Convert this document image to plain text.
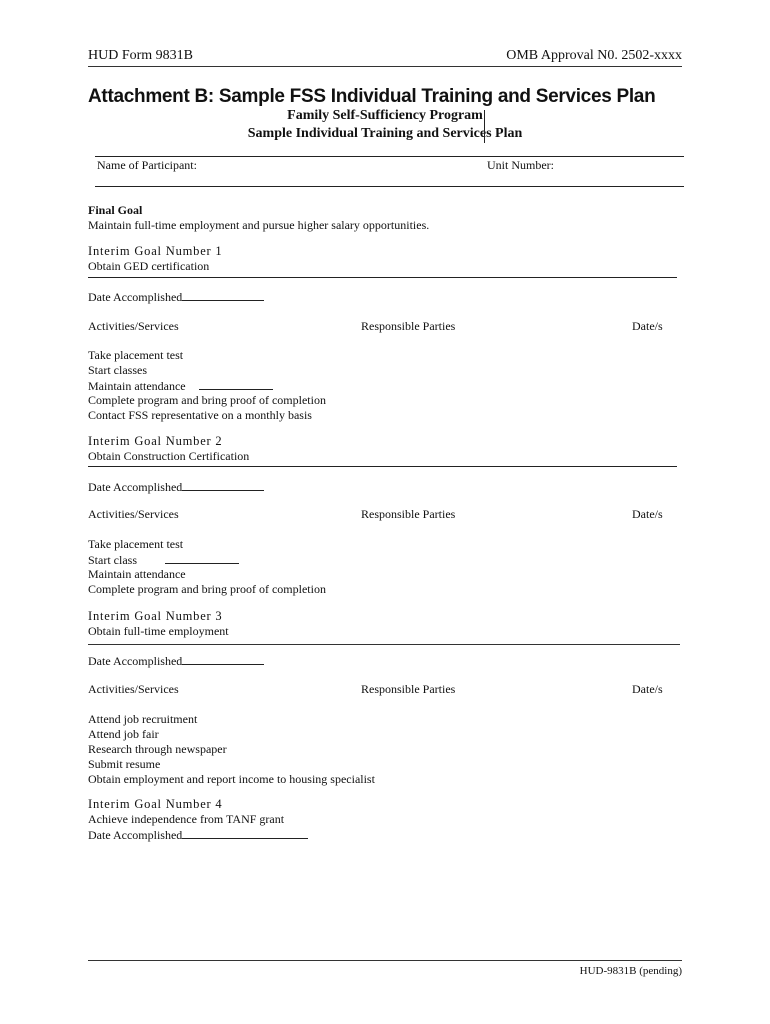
HUD Form 9831B	OMB Approval N0. 2502-xxxx
Attachment B: Sample FSS Individual Training and Services Plan
Family Self-Sufficiency Program
Sample Individual Training and Services Plan
Name of Participant:	Unit Number:
Final Goal
Maintain full-time employment and pursue higher salary opportunities.
Interim Goal Number 1
Obtain GED certification
Date Accomplished
Activities/Services	Responsible Parties	Date/s
Take placement test
Start classes
Maintain attendance
Complete program and bring proof of completion
Contact FSS representative on a monthly basis
Interim Goal Number 2
Obtain Construction Certification
Date Accomplished
Activities/Services	Responsible Parties	Date/s
Take placement test
Start class
Maintain attendance
Complete program and bring proof of completion
Interim Goal Number 3
Obtain full-time employment
Date Accomplished
Activities/Services	Responsible Parties	Date/s
Attend job recruitment
Attend job fair
Research through newspaper
Submit resume
Obtain employment and report income to housing specialist
Interim Goal Number 4
Achieve independence from TANF grant
Date Accomplished
HUD-9831B (pending)
